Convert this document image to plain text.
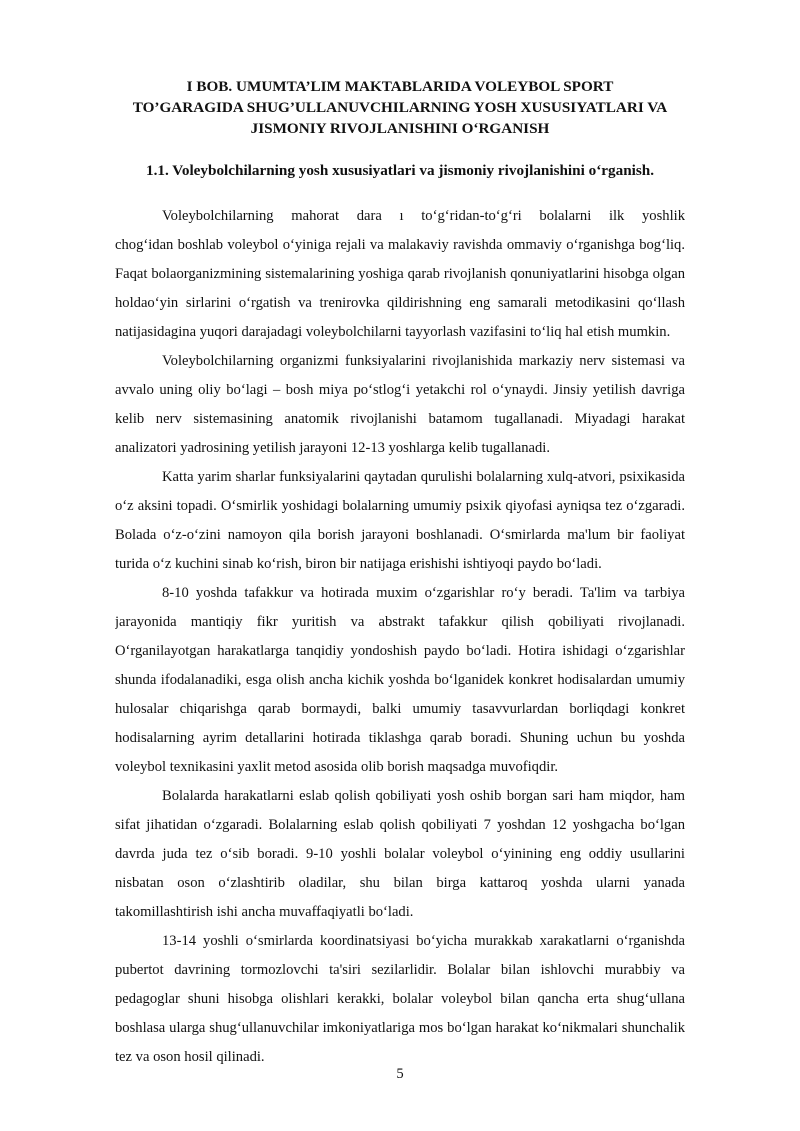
I BOB. UMUMTA’LIM MAKTABLARIDA VOLEYBOL SPORT
TO’GARAGIDA SHUG’ULLANUVCHILARNING YOSH XUSUSIYATLARI VA
JISMONIY RIVOJLANISHINI O‘RGANISH
1.1. Voleybolchilarning yosh xususiyatlari va jismoniy rivojlanishini o‘rganish.
Voleybolchilarning mahorat dara ı to‘g‘ridan-to‘g‘ri bolalarni ilk yoshlik
chog‘idan boshlab voleybol o‘yiniga rejali va malakaviy ravishda ommaviy o‘rganishga bog‘liq.
Faqat bolaorganizmining sistemalarining yoshiga qarab rivojlanish qonuniyatlarini hisobga olgan
holdao‘yin sirlarini o‘rgatish va trenirovka qildirishning eng samarali metodikasini qo‘llash
natijasidagina yuqori darajadagi voleybolchilarni tayyorlash vazifasini to‘liq hal etish mumkin.
Voleybolchilarning organizmi funksiyalarini rivojlanishida markaziy nerv sistemasi va
avvalo uning oliy bo‘lagi – bosh miya po‘stlog‘i yetakchi rol o‘ynaydi. Jinsiy yetilish davriga
kelib nerv sistemasining anatomik rivojlanishi batamom tugallanadi. Miyadagi harakat
analizatori yadrosining yetilish jarayoni 12-13 yoshlarga kelib tugallanadi.
Katta yarim sharlar funksiyalarini qaytadan qurulishi bolalarning xulq-atvori, psixikasida
o‘z aksini topadi. O‘smirlik yoshidagi bolalarning umumiy psixik qiyofasi ayniqsa tez o‘zgaradi.
Bolada o‘z-o‘zini namoyon qila borish jarayoni boshlanadi. O‘smirlarda ma'lum bir faoliyat
turida o‘z kuchini sinab ko‘rish, biron bir natijaga erishishi ishtiyoqi paydo bo‘ladi.
8-10 yoshda tafakkur va hotirada muxim o‘zgarishlar ro‘y beradi. Ta'lim va tarbiya
jarayonida mantiqiy fikr yuritish va abstrakt tafakkur qilish qobiliyati rivojlanadi.
O‘rganilayotgan harakatlarga tanqidiy yondoshish paydo bo‘ladi. Hotira ishidagi o‘zgarishlar
shunda ifodalanadiki, esga olish ancha kichik yoshda bo‘lganidek konkret hodisalardan umumiy
hulosalar chiqarishga qarab bormaydi, balki umumiy tasavvurlardan borliqdagi konkret
hodisalarning ayrim detallarini hotirada tiklashga qarab boradi. Shuning uchun bu yoshda
voleybol texnikasini yaxlit metod asosida olib borish maqsadga muvofiqdir.
Bolalarda harakatlarni eslab qolish qobiliyati yosh oshib borgan sari ham miqdor, ham
sifat jihatidan o‘zgaradi. Bolalarning eslab qolish qobiliyati 7 yoshdan 12 yoshgacha bo‘lgan
davrda juda tez o‘sib boradi. 9-10 yoshli bolalar voleybol o‘yinining eng oddiy usullarini
nisbatan oson o‘zlashtirib oladilar, shu bilan birga kattaroq yoshda ularni yanada
takomillashtirish ishi ancha muvaffaqiyatli bo‘ladi.
13-14 yoshli o‘smirlarda koordinatsiyasi bo‘yicha murakkab xarakatlarni o‘rganishda
pubertot davrining tormozlovchi ta'siri sezilarlidir. Bolalar bilan ishlovchi murabbiy va
pedagoglar shuni hisobga olishlari kerakki, bolalar voleybol bilan qancha erta shug‘ullana
boshlasa ularga shug‘ullanuvchilar imkoniyatlariga mos bo‘lgan harakat ko‘nikmalari shunchalik
tez va oson hosil qilinadi.
5
